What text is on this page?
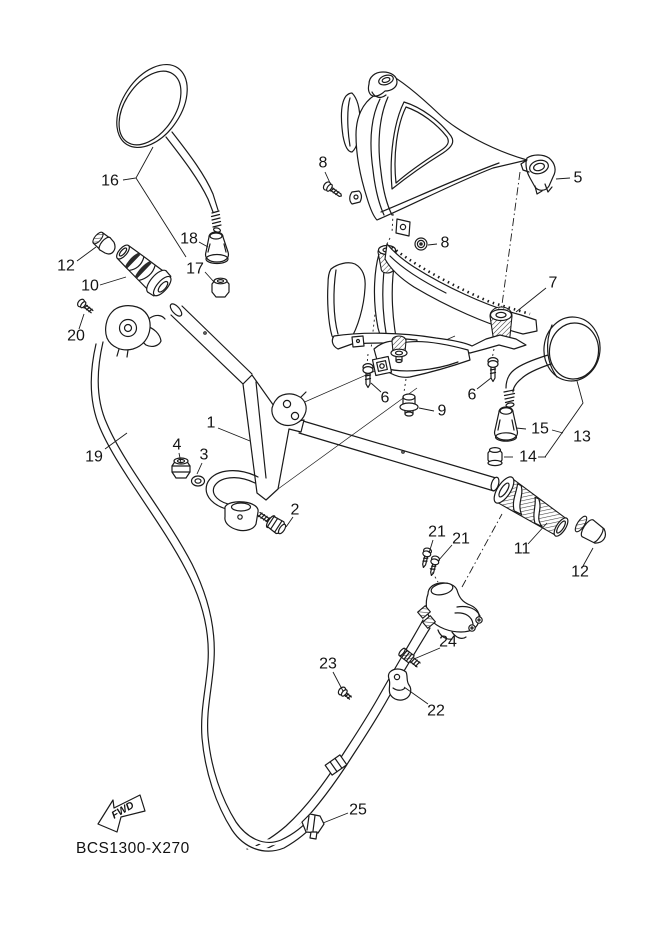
FWD
BCS1300-X270
1
2
3
4
5
6	6
7
8
8
9
10
11
12
12
13
14
15
16
17
18
19
20
21 21
22
23
24
25
